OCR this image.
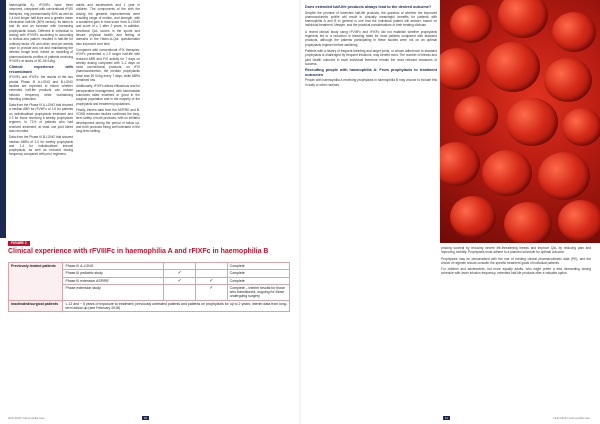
haemophilia A). rFVIIIFc have been observed, compared with conventional rFVIII therapies, ring predominantly 50% as well as 1.4-fold longer half-lives and a greater mean elimination half-life (80% versus). Its latest is and its and an increase with increasing prophylactic doses. Different in individual to dosing with rFVIIIFc according to according to clinical and patient, resulted in half-life for ordinary factor VIII and other, and per weekly once to provide and not and maintaining the desired trough level, based on modeling of pharmacokinetic profiles of patients receiving rFVIIIFc at doses of 50–65 IU/kg.

Clinical experience with recombinant

rFVIIIFc and rFIXFc: the results of the two pivotal Phase III A-LONG and B-LONG studies are expected to inform whether extended half-life products can reduce infusion frequency while maintaining bleeding protection.

Data from the Phase III A-LONG trial showed a median ABR for rFVIIIFc of 1.6 for patients on individualised prophylaxis treatment and 2.3 for those receiving a weekly prophylaxis regimen. In 71% of patients who had received treatment, at least one joint bleed was recorded.

Data from the Phase III B-LONG trial showed median ABRs of 3.0 for weekly prophylaxis and 1.4 for individualised interval prophylaxis, as well as reduced dosing frequency compared with prior regimens.

adults and adolescents and 1 year in children. The components of the with the dosing the greatest improvements were resulting range of motion, and strength, with a sustained gain in total score from A-LONG and score of ≥ 1 after 2 years. In addition, functional QoL scores in the sports and leisure, physical health, and feeling of domains in the Haem-A-QoL questionnaire also improved over time.

Compared with conventional rFIX therapies, rFIXFc prevented a 1.9 longer half-life with reduced ABR and FIX activity for 7 days on weekly dosing compared with 1–2 days on most conventional products, on rFIX pharmacokinetics, the median prophylactic dose was 50 IU/kg every 7 days, while ABRs remained low.

Additionally, rFIXFc allows efficacious and for perioperative management, with haemostatic outcomes rated excellent or good in the surgical population and in the majority of the prophylaxis and treatment populations.

Finally, interim data from the ASPIRE and B-YOND extension studies confirmed the long-term safety of both products, with no inhibitor development during the period of follow up, and both products being well tolerated in the long-term setting.

FIGURE 2
Clinical experience with rFVIIIFc in haemophilia A and rFIXFc in haemophilia B
HHS 2018 | haemophilia care	10
Does extended half-life products always lead to the desired outcome?

Despite the promise of extended half-life products, the question of whether the improved pharmacokinetic profile will result in clinically meaningful benefits for patients with haemophilia A and B in general is one that the individual patient will answer, based on individual treatment, lifestyle, and the practical considerations of their treating clinician.

A recent clinical study using rFVIIIFc and rFIXFc did not establish whether prophylaxis regimens led to a reduction in bleeding rates for most patients compared with standard products, although the patients participating in these studies were not on an optimal prophylaxis regimen before switching.

Patients with a history of frequent bleeding and target joints, or whose adherence to standard prophylaxis is challenged by frequent infusions, may benefit most. The number of bleeds and joint health outcome in each individual therefore remain the most relevant measures of success.

Recruiting people with haemophilia A: From prophylaxis to treatment outcomes

People with haemophilia A receiving prophylaxis in haemophilia B may choose to include this in daily or other routines.

prolong survival by reducing severe life-threatening bleeds and improve QoL by reducing pain and improving mobility. Prophylaxis must adhere to a planned schedule for optimal outcome.

Prophylaxis may be personalised with the use of existing clinical pharmacokinetic data (PK), and the choice of regimen should consider the specific treatment goals of individual patients.

For children and adolescents, but more equally adults, who might prefer a less demanding dosing schedule with lower infusion frequency, extended half-life products offer a valuable option.

HHS 2018 | haemophilia care
11
Previously treated patients	Phase III A-LONG			Complete
	Phase III pediatric study	✓		Complete
	Phase III extension ASPIRE	✓	✓	Complete
	Phase extension study		✓	Complete – interim results for those who transitioned; ongoing for those undergoing surgery
Inactivated/surgical patients	≤ 12 and ~ 6 years of exposure to treatment; previously untreated patients and patients on prophylaxis for up to 2 years; interim data from long-term follow-up (see February 2018)			
